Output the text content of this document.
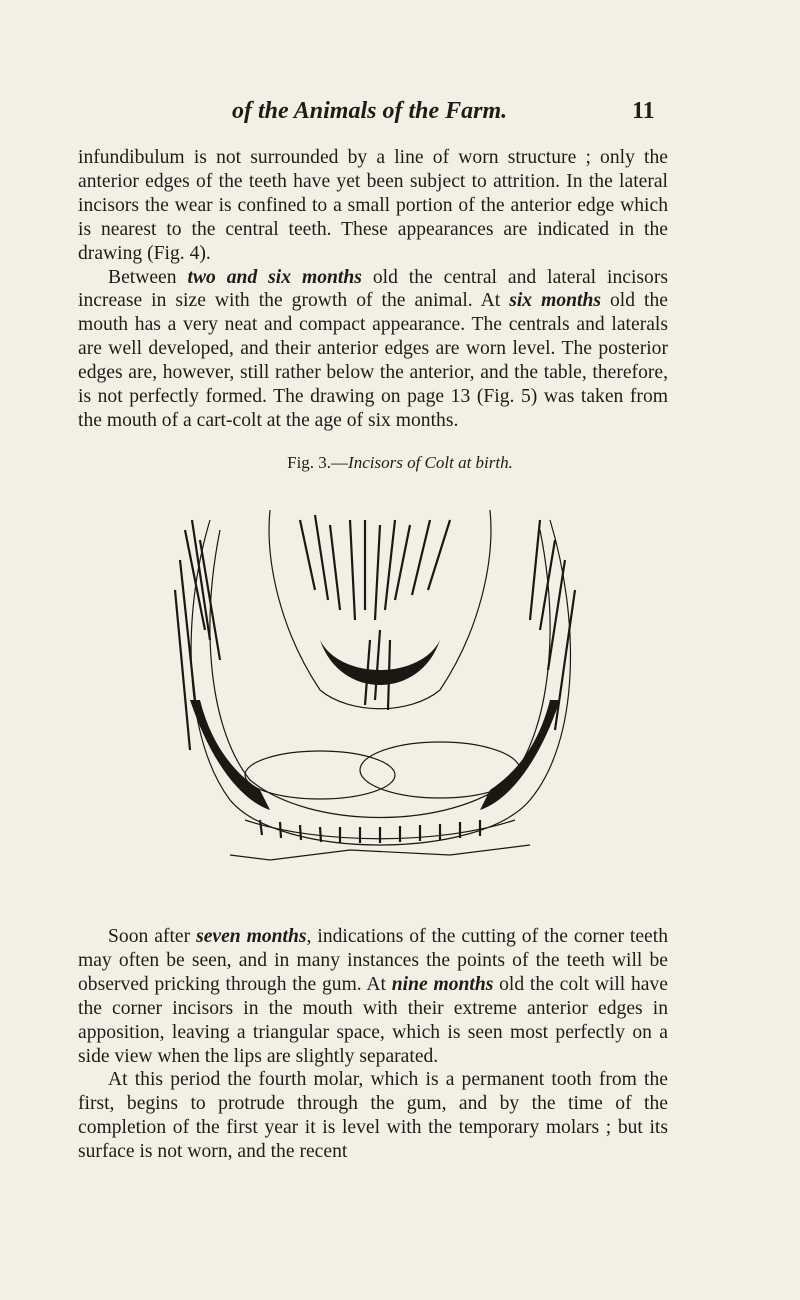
of the Animals of the Farm.	11

infundibulum is not surrounded by a line of worn structure ; only the anterior edges of the teeth have yet been subject to attrition. In the lateral incisors the wear is confined to a small portion of the anterior edge which is nearest to the central teeth. These appearances are indicated in the drawing (Fig. 4).

Between two and six months old the central and lateral incisors increase in size with the growth of the animal. At six months old the mouth has a very neat and compact appearance. The centrals and laterals are well developed, and their anterior edges are worn level. The posterior edges are, however, still rather below the anterior, and the table, therefore, is not perfectly formed. The drawing on page 13 (Fig. 5) was taken from the mouth of a cart-colt at the age of six months.

Fig. 3.—Incisors of Colt at birth.

Soon after seven months, indications of the cutting of the corner teeth may often be seen, and in many instances the points of the teeth will be observed pricking through the gum. At nine months old the colt will have the corner incisors in the mouth with their extreme anterior edges in apposition, leaving a triangular space, which is seen most perfectly on a side view when the lips are slightly separated.

At this period the fourth molar, which is a permanent tooth from the first, begins to protrude through the gum, and by the time of the completion of the first year it is level with the temporary molars ; but its surface is not worn, and the recent
